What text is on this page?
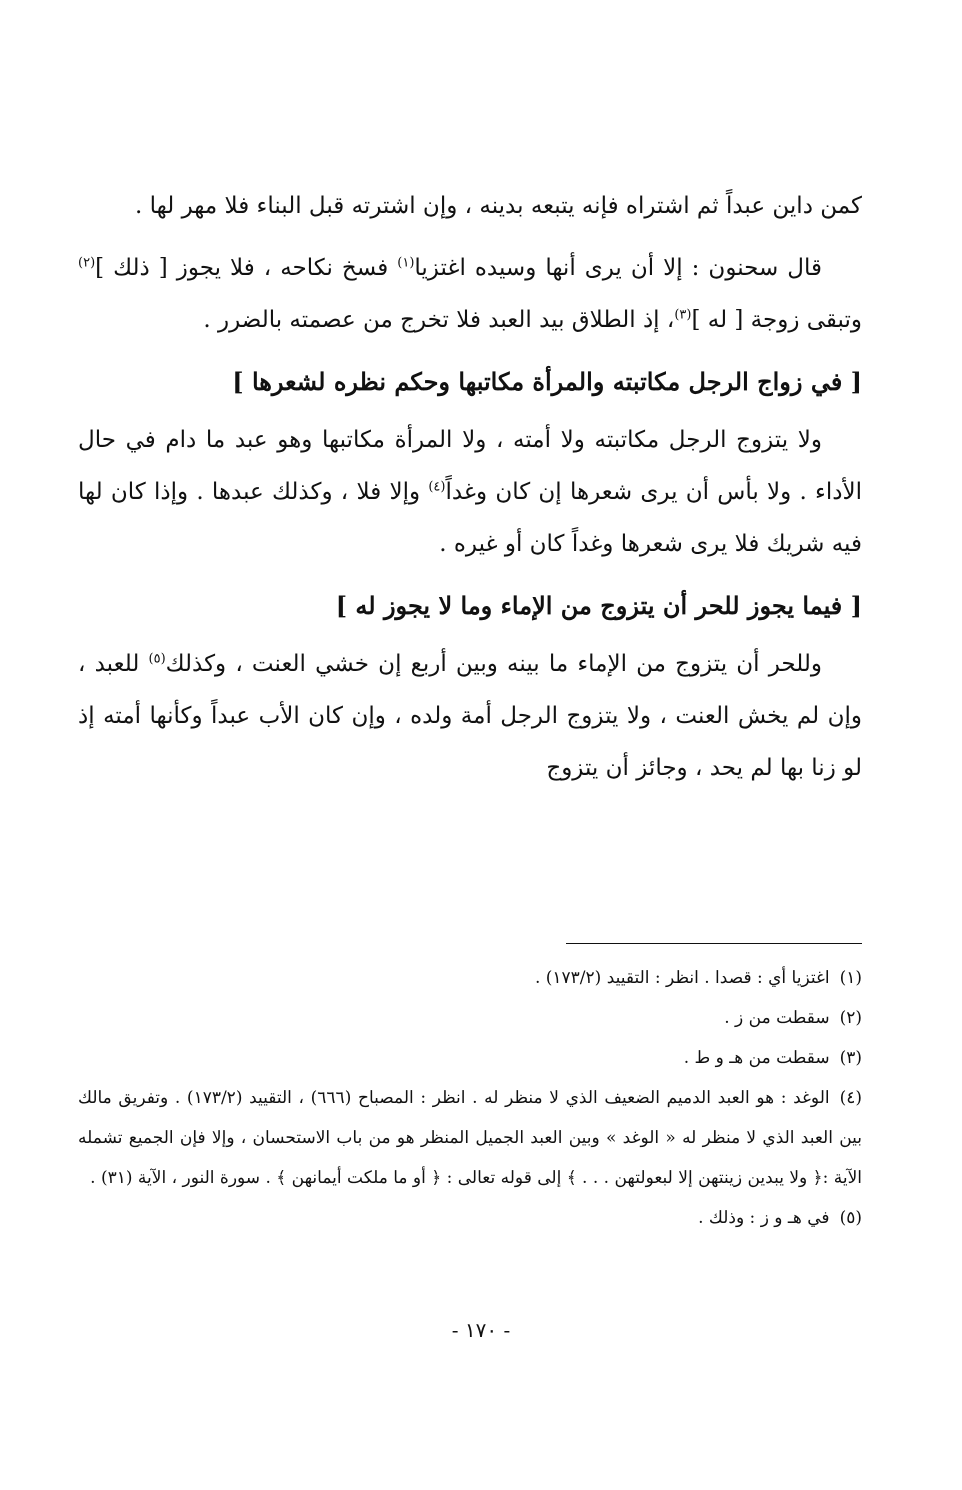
كمن داين عبداً ثم اشتراه فإنه يتبعه بدينه ، وإن اشترته قبل البناء فلا مهر لها .

قال سحنون : إلا أن يرى أنها وسيده اغتزيا$^{(١)}$ فسخ نكاحه ، فلا يجوز [ ذلك ]$^{(٢)}$ وتبقى زوجة [ له ]$^{(٣)}$، إذ الطلاق بيد العبد فلا تخرج من عصمته بالضرر .

[ في زواج الرجل مكاتبته والمرأة مكاتبها وحكم نظره لشعرها ]

ولا يتزوج الرجل مكاتبته ولا أمته ، ولا المرأة مكاتبها وهو عبد ما دام في حال الأداء . ولا بأس أن يرى شعرها إن كان وغداً$^{(٤)}$ وإلا فلا ، وكذلك عبدها . وإذا كان لها فيه شريك فلا يرى شعرها وغداً كان أو غيره .

[ فيما يجوز للحر أن يتزوج من الإماء وما لا يجوز له ]

وللحر أن يتزوج من الإماء ما بينه وبين أربع إن خشي العنت ، وكذلك$^{(٥)}$ للعبد ، وإن لم يخش العنت ، ولا يتزوج الرجل أمة ولده ، وإن كان الأب عبداً وكأنها أمته إذ لو زنا بها لم يحد ، وجائز أن يتزوج

(١)اغتزيا أي : قصدا . انظر : التقييد (١٧٣/٢) .

(٢)سقطت من ز .

(٣)سقطت من هـ و ط .

(٤)الوغد : هو العبد الدميم الضعيف الذي لا منظر له . انظر : المصباح (٦٦٦) ، التقييد (١٧٣/٢) . وتفريق مالك بين العبد الذي لا منظر له « الوغد » وبين العبد الجميل المنظر هو من باب الاستحسان ، وإلا فإن الجميع تشمله الآية :﴿ ولا يبدين زينتهن إلا لبعولتهن . . . ﴾ إلى قوله تعالى : ﴿ أو ما ملكت أيمانهن ﴾ . سورة النور ، الآية (٣١) .

(٥)في هـ و ز : وذلك .

- ١٧٠ -
